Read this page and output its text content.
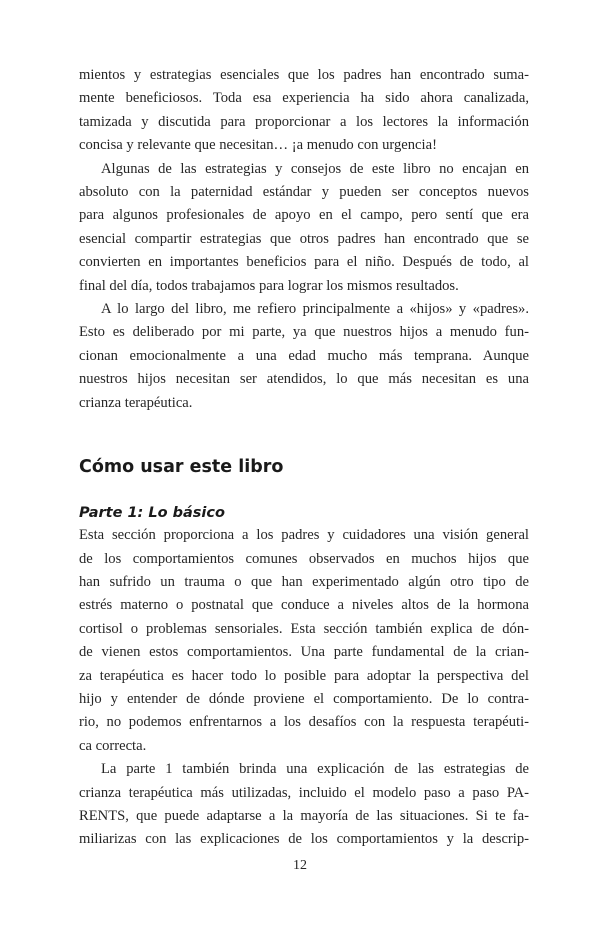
mientos y estrategias esenciales que los padres han encontrado suma-
mente beneficiosos. Toda esa experiencia ha sido ahora canalizada,
tamizada y discutida para proporcionar a los lectores la información
concisa y relevante que necesitan… ¡a menudo con urgencia!
Algunas de las estrategias y consejos de este libro no encajan en
absoluto con la paternidad estándar y pueden ser conceptos nuevos
para algunos profesionales de apoyo en el campo, pero sentí que era
esencial compartir estrategias que otros padres han encontrado que se
convierten en importantes beneficios para el niño. Después de todo, al
final del día, todos trabajamos para lograr los mismos resultados.
A lo largo del libro, me refiero principalmente a «hijos» y «padres».
Esto es deliberado por mi parte, ya que nuestros hijos a menudo fun-
cionan emocionalmente a una edad mucho más temprana. Aunque
nuestros hijos necesitan ser atendidos, lo que más necesitan es una
crianza terapéutica.
Cómo usar este libro
Parte 1: Lo básico
Esta sección proporciona a los padres y cuidadores una visión general
de los comportamientos comunes observados en muchos hijos que
han sufrido un trauma o que han experimentado algún otro tipo de
estrés materno o postnatal que conduce a niveles altos de la hormona
cortisol o problemas sensoriales. Esta sección también explica de dón-
de vienen estos comportamientos. Una parte fundamental de la crian-
za terapéutica es hacer todo lo posible para adoptar la perspectiva del
hijo y entender de dónde proviene el comportamiento. De lo contra-
rio, no podemos enfrentarnos a los desafíos con la respuesta terapéuti-
ca correcta.
La parte 1 también brinda una explicación de las estrategias de
crianza terapéutica más utilizadas, incluido el modelo paso a paso PA-
RENTS, que puede adaptarse a la mayoría de las situaciones. Si te fa-
miliarizas con las explicaciones de los comportamientos y la descrip-
12
